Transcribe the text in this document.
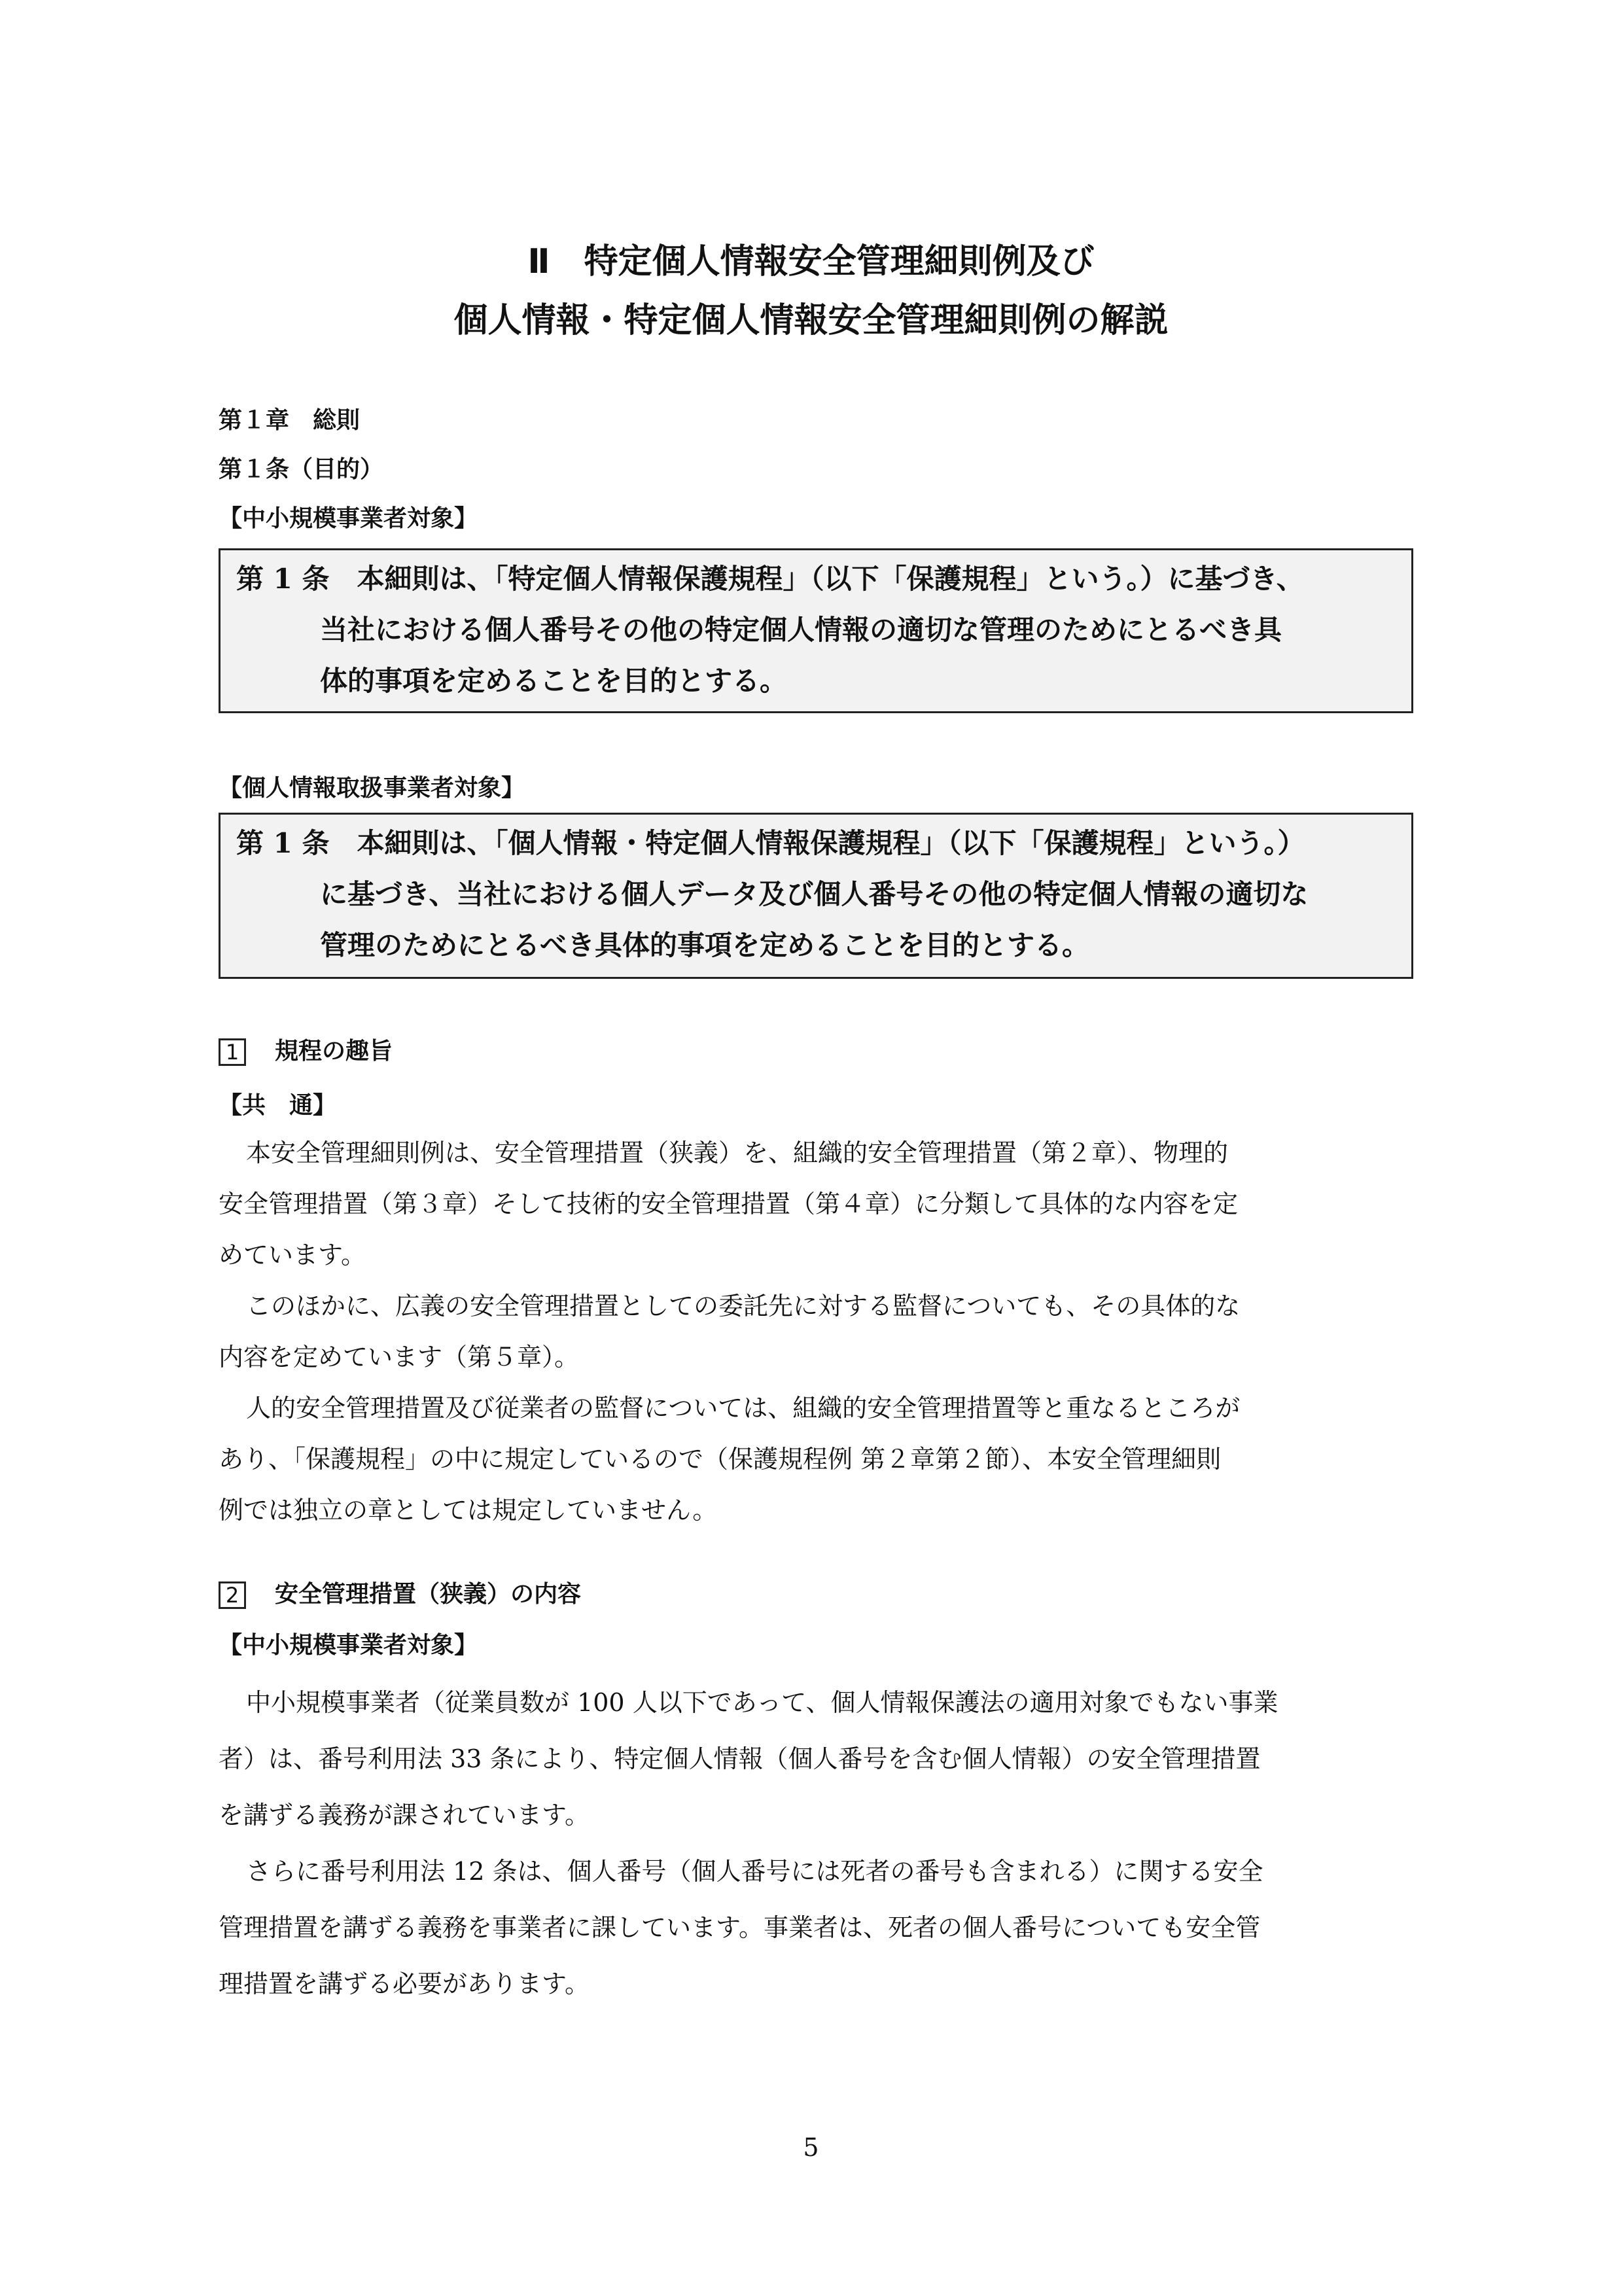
Ⅱ　特定個人情報安全管理細則例及び
個人情報・特定個人情報安全管理細則例の解説
第１章　総則
第１条（目的）
【中小規模事業者対象】
第 1 条　本細則は、「特定個人情報保護規程」（以下「保護規程」という。）に基づき、
当社における個人番号その他の特定個人情報の適切な管理のためにとるべき具
体的事項を定めることを目的とする。
【個人情報取扱事業者対象】
第 1 条　本細則は、「個人情報・特定個人情報保護規程」（以下「保護規程」という。）
に基づき、当社における個人データ及び個人番号その他の特定個人情報の適切な
管理のためにとるべき具体的事項を定めることを目的とする。
1 規程の趣旨
【共　通】
本安全管理細則例は、安全管理措置（狭義）を、組織的安全管理措置（第２章）、物理的
安全管理措置（第３章）そして技術的安全管理措置（第４章）に分類して具体的な内容を定
めています。
このほかに、広義の安全管理措置としての委託先に対する監督についても、その具体的な
内容を定めています（第５章）。
人的安全管理措置及び従業者の監督については、組織的安全管理措置等と重なるところが
あり、「保護規程」の中に規定しているので（保護規程例 第２章第２節）、本安全管理細則
例では独立の章としては規定していません。
2 安全管理措置（狭義）の内容
【中小規模事業者対象】
中小規模事業者（従業員数が 100 人以下であって、個人情報保護法の適用対象でもない事業
者）は、番号利用法 33 条により、特定個人情報（個人番号を含む個人情報）の安全管理措置
を講ずる義務が課されています。
さらに番号利用法 12 条は、個人番号（個人番号には死者の番号も含まれる）に関する安全
管理措置を講ずる義務を事業者に課しています。事業者は、死者の個人番号についても安全管
理措置を講ずる必要があります。
5
